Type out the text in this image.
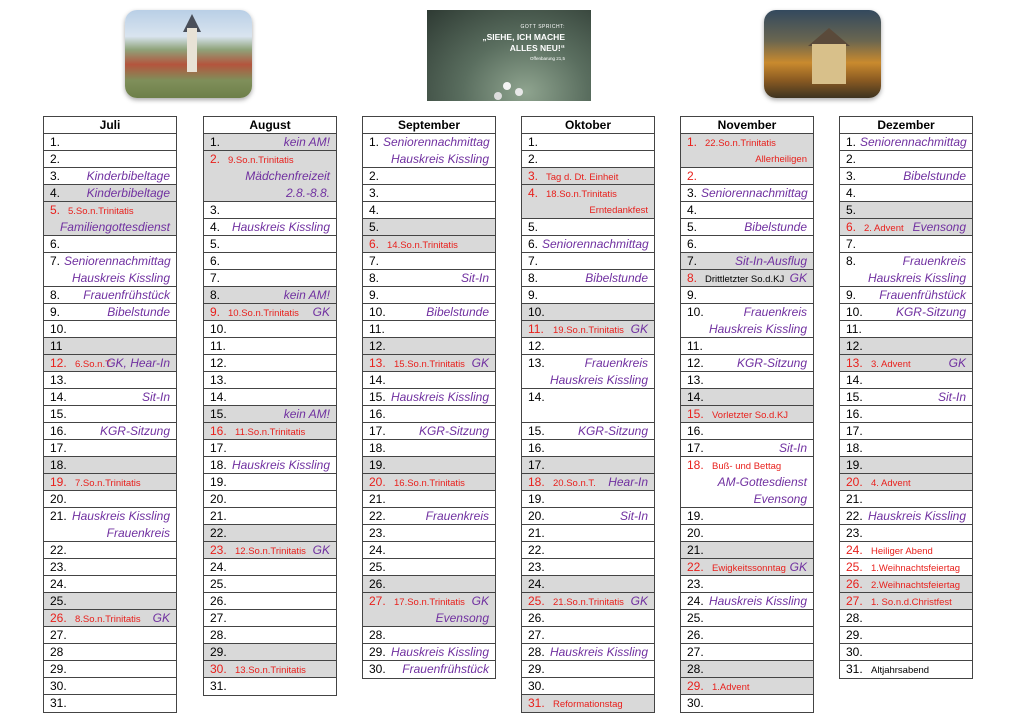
GOTT SPRICHT:
„SIEHE, ICH MACHE ALLES NEU!“
Offenbarung 21,5
Juli
1.
2.
3. Kinderbibeltage
4. Kinderbibeltage
5. 5.So.n.Trinitatis
Familiengottesdienst
6.
7. Seniorennachmittag
Hauskreis Kissling
8. Frauenfrühstück
9.	Bibelstunde
10.
11
12. 6.So.n.T.
GK, Hear-In
13.
14.	Sit-In
15.
16.	KGR-Sitzung
17.
18.
19. 7.So.n.Trinitatis
20.
21. Hauskreis Kissling
Frauenkreis
22.
23.
24.
25.
26. 8.So.n.Trinitatis GK
27.
28
29.
30.
31.
August
1.	kein AM!
2. 9.So.n.Trinitatis
Mädchenfreizeit
2.8.-8.8.
3.
4. Hauskreis Kissling
5.
6.
7.
8.	kein AM!
9. 10.So.n.Trinitatis GK
10.
11.
12.
13.
14.
15.	kein AM!
16. 11.So.n.Trinitatis
17.
18. Hauskreis Kissling
19.
20.
21.
22.
23. 12.So.n.Trinitatis GK
24.
25.
26.
27.
28.
29.
30. 13.So.n.Trinitatis
31.
September
1. Seniorennachmittag
Hauskreis Kissling
2.
3.
4.
5.
6. 14.So.n.Trinitatis
7.
8.	Sit-In
9.
10.	Bibelstunde
11.
12.
13. 15.So.n.Trinitatis GK
14.
15. Hauskreis Kissling
16.
17.	KGR-Sitzung
18.
19.
20. 16.So.n.Trinitatis
21.
22.	Frauenkreis
23.
24.
25.
26.
27. 17.So.n.Trinitatis GK
Evensong
28.
29. Hauskreis Kissling
30. Frauenfrühstück
Oktober
1.
2.
3. Tag d. Dt. Einheit
4. 18.So.n.Trinitatis
Erntedankfest
5.
6. Seniorennachmittag
7.
8.	Bibelstunde
9.
10.
11. 19.So.n.Trinitatis GK
12.
13.	Frauenkreis
Hauskreis Kissling
14.
15.	KGR-Sitzung
16.
17.
18. 20.So.n.T. Hear-In
19.
20.	Sit-In
21.
22.
23.
24.
25. 21.So.n.Trinitatis GK
26.
27.
28. Hauskreis Kissling
29.
30.
31. Reformationstag
November
1. 22.So.n.Trinitatis
Allerheiligen
2.
3. Seniorennachmittag
4.
5.	Bibelstunde
6.
7.	Sit-In-Ausflug
8. Drittletzter So.d.KJ GK
9.
10.	Frauenkreis
Hauskreis Kissling
11.
12.	KGR-Sitzung
13.
14.
15. Vorletzter So.d.KJ
16.
17.	Sit-In
18. Buß- und Bettag
AM-Gottesdienst
Evensong
19.
20.
21.
22. Ewigkeitssonntag GK
23.
24. Hauskreis Kissling
25.
26.
27.
28.
29. 1.Advent
30.
Dezember
1. Seniorennachmittag
2.
3.	Bibelstunde
4.
5.
6. 2. Advent Evensong
7.
8.	Frauenkreis
Hauskreis Kissling
9. Frauenfrühstück
10.	KGR-Sitzung
11.
12.
13. 3. Advent	GK
14.
15.	Sit-In
16.
17.
18.
19.
20. 4. Advent
21.
22. Hauskreis Kissling
23.
24. Heiliger Abend
25. 1.Weihnachtsfeiertag
26. 2.Weihnachtsfeiertag
27. 1. So.n.d.Christfest
28.
29.
30.
31. Altjahrsabend
